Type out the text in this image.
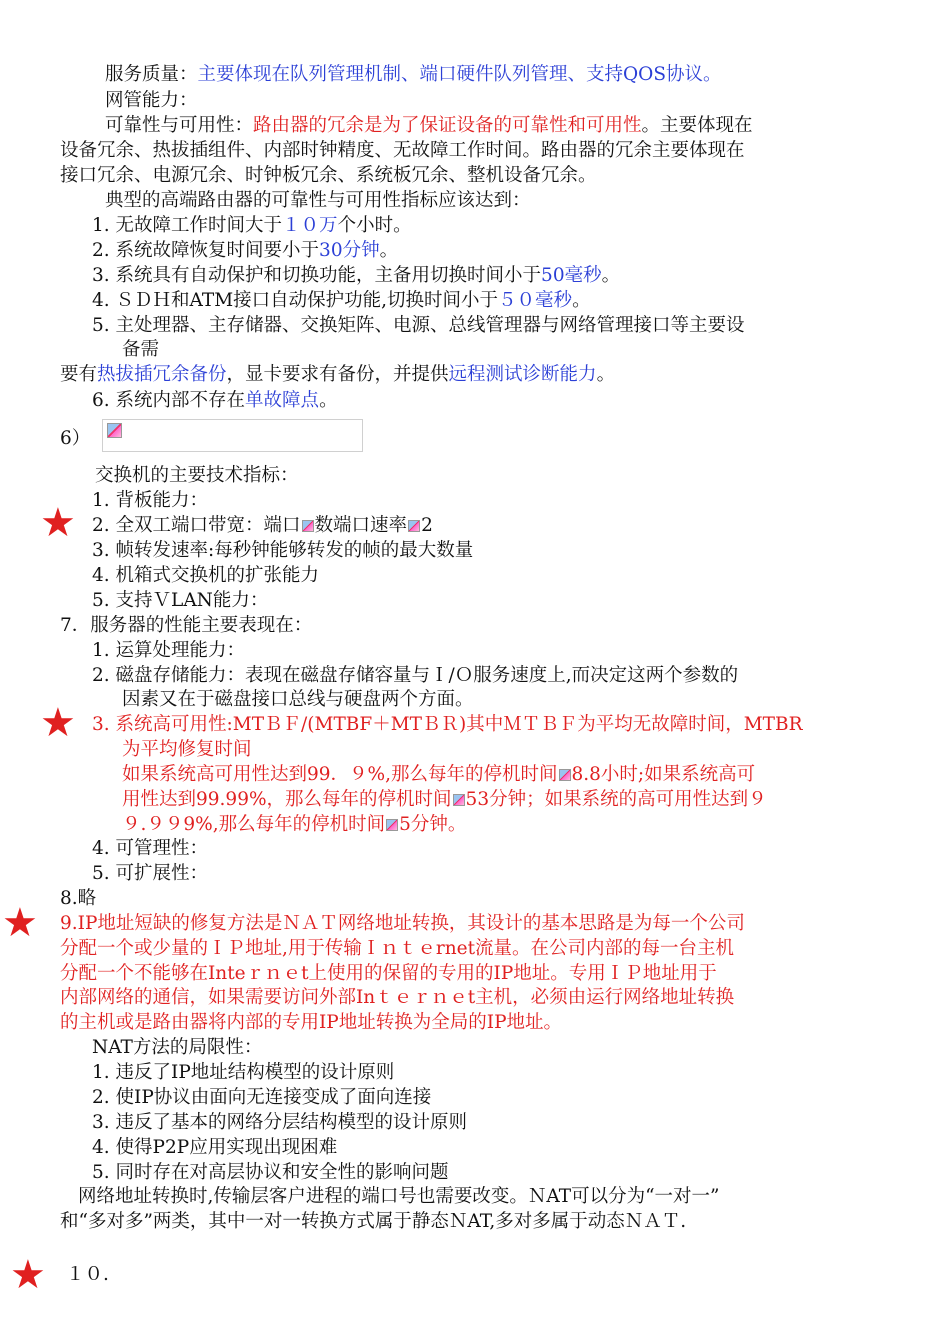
服务质量：主要体现在队列管理机制、端口硬件队列管理、支持QOS协议。
网管能力：
可靠性与可用性：路由器的冗余是为了保证设备的可靠性和可用性。主要体现在
设备冗余、热拔插组件、内部时钟精度、无故障工作时间。路由器的冗余主要体现在
接口冗余、电源冗余、时钟板冗余、系统板冗余、整机设备冗余。
典型的高端路由器的可靠性与可用性指标应该达到：
1. 无故障工作时间大于１０万个小时。
2. 系统故障恢复时间要小于30分钟。
3. 系统具有自动保护和切换功能，主备用切换时间小于50毫秒。
4. ＳＤＨ和ATM接口自动保护功能,切换时间小于５０毫秒。
5. 主处理器、主存储器、交换矩阵、电源、总线管理器与网络管理接口等主要设
备需
要有热拔插冗余备份，显卡要求有备份，并提供远程测试诊断能力。
6. 系统内部不存在单故障点。
6）
交换机的主要技术指标：
1. 背板能力：
★ 2. 全双工端口带宽：端口 数端口速率 2
3. 帧转发速率:每秒钟能够转发的帧的最大数量
4. 机箱式交换机的扩张能力
5. 支持ＶLAN能力：
7．服务器的性能主要表现在：
1. 运算处理能力：
2. 磁盘存储能力：表现在磁盘存储容量与Ｉ/Ｏ服务速度上,而决定这两个参数的
因素又在于磁盘接口总线与硬盘两个方面。
★ 3. 系统高可用性:MTＢＦ/(MTBF＋MTＢＲ)其中ＭＴＢＦ为平均无故障时间，MTBR
为平均修复时间
如果系统高可用性达到99．９%,那么每年的停机时间 8.8小时;如果系统高可
用性达到99.99%，那么每年的停机时间 53分钟；如果系统的高可用性达到９
９.９９9%,那么每年的停机时间 5分钟。
4. 可管理性：
5. 可扩展性：
8.略
★ 9.IP地址短缺的修复方法是ＮＡＴ网络地址转换，其设计的基本思路是为每一个公司
分配一个或少量的ＩＰ地址,用于传输Ｉｎｔｅrnet流量。在公司内部的每一台主机
分配一个不能够在Inteｒｎｅt上使用的保留的专用的IP地址。专用ＩＰ地址用于
内部网络的通信，如果需要访问外部Inｔｅｒｎｅt主机，必须由运行网络地址转换
的主机或是路由器将内部的专用IP地址转换为全局的IP地址。
NAT方法的局限性：
1. 违反了IP地址结构模型的设计原则
2. 使IP协议由面向无连接变成了面向连接
3. 违反了基本的网络分层结构模型的设计原则
4. 使得P2P应用实现出现困难
5. 同时存在对高层协议和安全性的影响问题
网络地址转换时,传输层客户进程的端口号也需要改变。ＮAT可以分为“一对一”
和“多对多”两类，其中一对一转换方式属于静态ＮAT,多对多属于动态ＮＡＴ.
★ １０.
